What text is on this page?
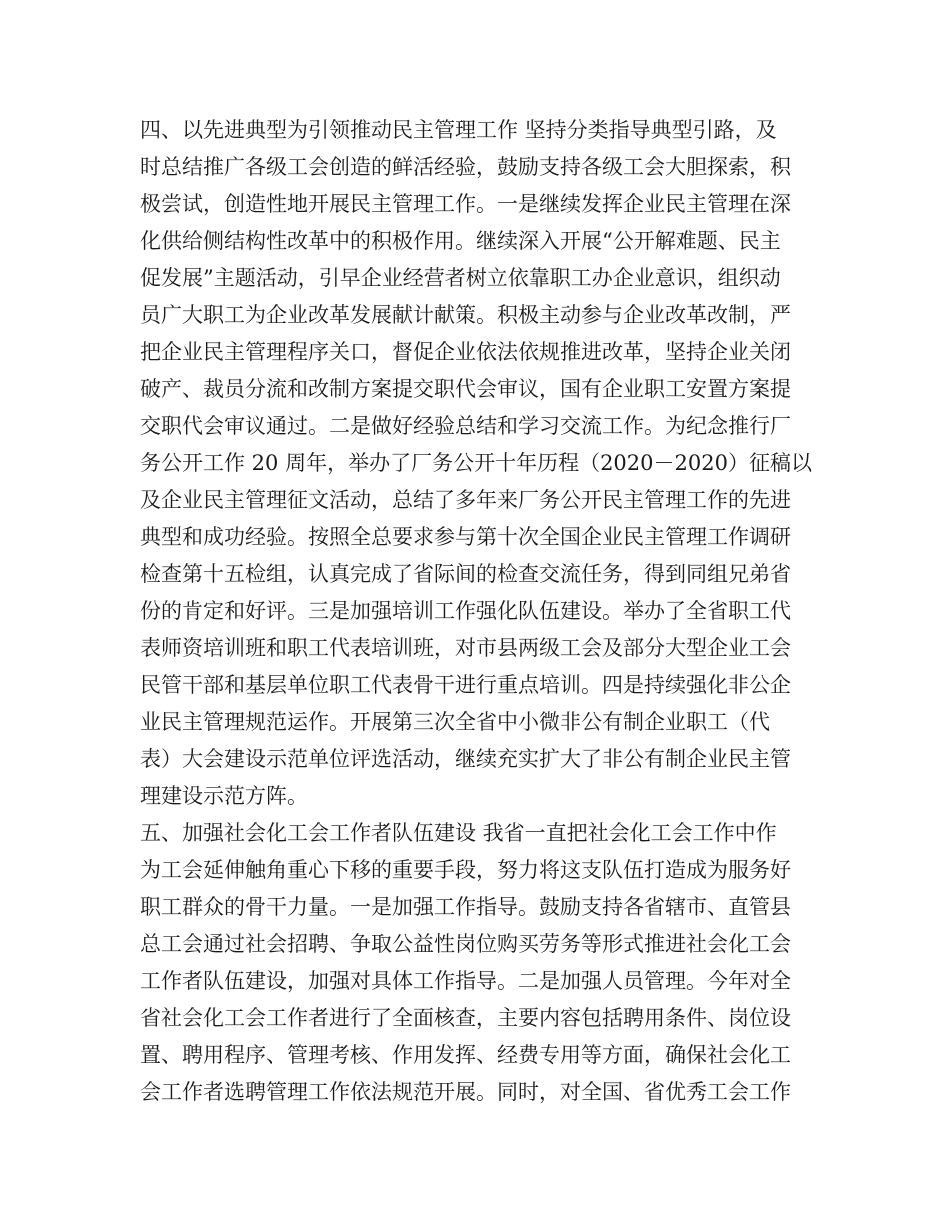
四、以先进典型为引领推动民主管理工作 坚持分类指导典型引路，及
时总结推广各级工会创造的鲜活经验，鼓励支持各级工会大胆探索，积
极尝试，创造性地开展民主管理工作。一是继续发挥企业民主管理在深
化供给侧结构性改革中的积极作用。继续深入开展“公开解难题、民主
促发展”主题活动，引早企业经营者树立依靠职工办企业意识，组织动
员广大职工为企业改革发展献计献策。积极主动参与企业改革改制，严
把企业民主管理程序关口，督促企业依法依规推进改革，坚持企业关闭
破产、裁员分流和改制方案提交职代会审议，国有企业职工安置方案提
交职代会审议通过。二是做好经验总结和学习交流工作。为纪念推行厂
务公开工作 20 周年，举办了厂务公开十年历程（2020－2020）征稿以
及企业民主管理征文活动，总结了多年来厂务公开民主管理工作的先进
典型和成功经验。按照全总要求参与第十次全国企业民主管理工作调研
检查第十五检组，认真完成了省际间的检查交流任务，得到同组兄弟省
份的肯定和好评。三是加强培训工作强化队伍建设。举办了全省职工代
表师资培训班和职工代表培训班，对市县两级工会及部分大型企业工会
民管干部和基层单位职工代表骨干进行重点培训。四是持续强化非公企
业民主管理规范运作。开展第三次全省中小微非公有制企业职工（代
表）大会建设示范单位评选活动，继续充实扩大了非公有制企业民主管
理建设示范方阵。
五、加强社会化工会工作者队伍建设 我省一直把社会化工会工作中作
为工会延伸触角重心下移的重要手段，努力将这支队伍打造成为服务好
职工群众的骨干力量。一是加强工作指导。鼓励支持各省辖市、直管县
总工会通过社会招聘、争取公益性岗位购买劳务等形式推进社会化工会
工作者队伍建设，加强对具体工作指导。二是加强人员管理。今年对全
省社会化工会工作者进行了全面核查，主要内容包括聘用条件、岗位设
置、聘用程序、管理考核、作用发挥、经费专用等方面，确保社会化工
会工作者选聘管理工作依法规范开展。同时，对全国、省优秀工会工作
